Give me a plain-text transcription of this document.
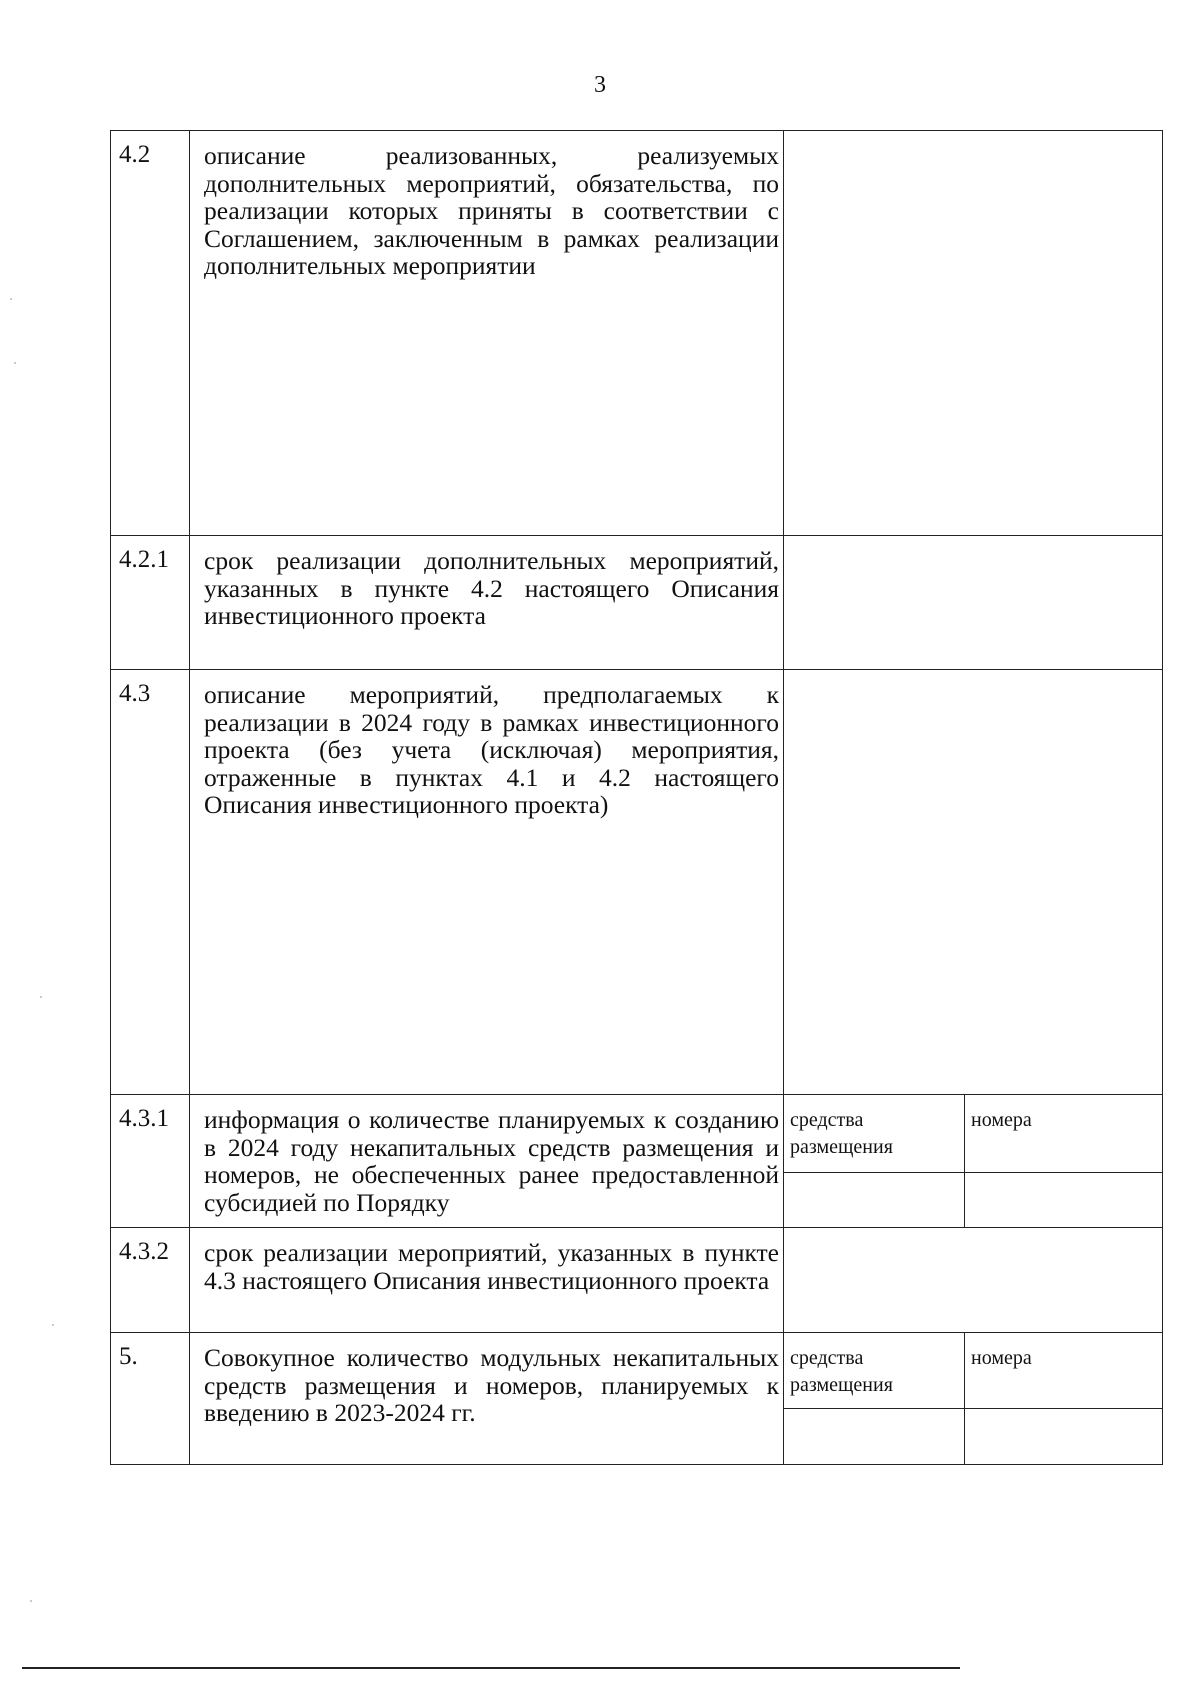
3
4.2	описание реализованных, реализуемых дополнительных мероприятий, обязательства, по реализации которых приняты в соответствии с Соглашением, заключенным в рамках реализации дополнительных мероприятии		
4.2.1	срок реализации дополнительных мероприятий, указанных в пункте 4.2 настоящего Описания инвестиционного проекта		
4.3	описание мероприятий, предполагаемых к реализации в 2024 году в рамках инвестиционного проекта (без учета (исключая) мероприятия, отраженные в пунктах 4.1 и 4.2 настоящего Описания инвестиционного проекта)		
4.3.1	информация о количестве планируемых к созданию в 2024 году некапитальных средств размещения и номеров, не обеспеченных ранее предоставленной субсидией по Порядку	средства размещения	номера

4.3.2	срок реализации мероприятий, указанных в пункте 4.3 настоящего Описания инвестиционного проекта		
5.	Совокупное количество модульных некапитальных средств размещения и номеров, планируемых к введению в 2023-2024 гг.	средства размещения	номера
